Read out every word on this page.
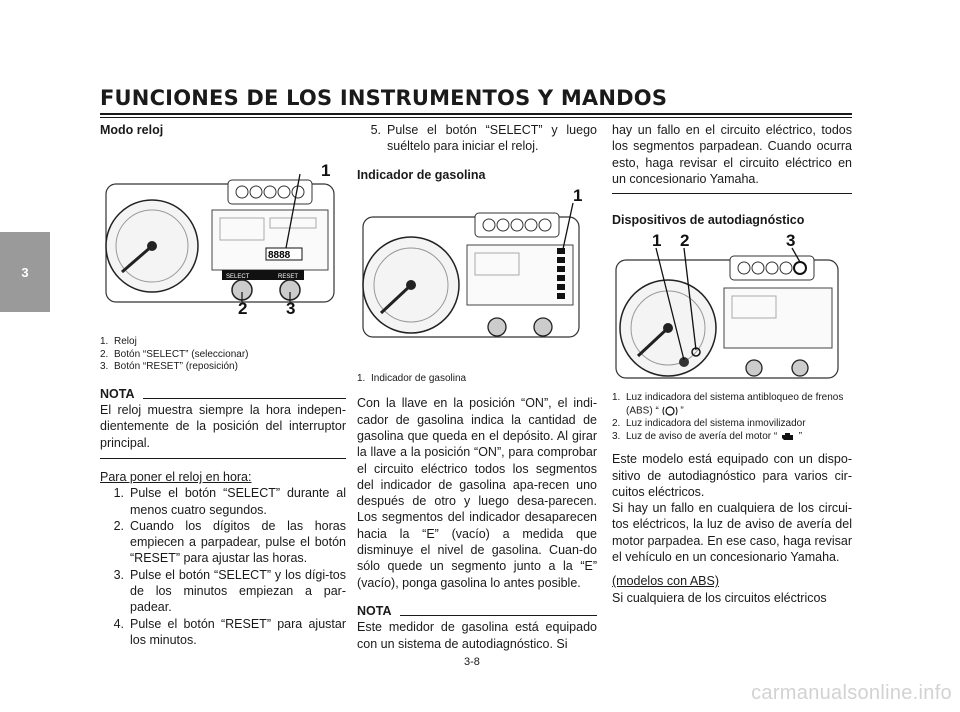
FUNCIONES DE LOS INSTRUMENTOS Y MANDOS
3
Modo reloj
8888
SELECT	RESET
1
2 3
1. Reloj
2. Botón “SELECT” (seleccionar)
3. Botón “RESET” (reposición)
NOTA

El reloj muestra siempre la hora indepen-dientemente de la posición del interruptor principal.

Para poner el reloj en hora:

1. Pulse el botón “SELECT” durante al menos cuatro segundos.
2. Cuando los dígitos de las horas empiecen a parpadear, pulse el botón “RESET” para ajustar las horas.
3. Pulse el botón “SELECT” y los dígi-tos de los minutos empiezan a par-padear.
4. Pulse el botón “RESET” para ajustar los minutos.
5. Pulse el botón “SELECT” y luego suéltelo para iniciar el reloj.
Indicador de gasolina
1
1. Indicador de gasolina

Con la llave en la posición “ON”, el indi-cador de gasolina indica la cantidad de gasolina que queda en el depósito. Al girar la llave a la posición “ON”, para comprobar el circuito eléctrico todos los segmentos del indicador de gasolina apa-recen uno después de otro y luego desa-parecen. Los segmentos del indicador desaparecen hacia la “E” (vacío) a medida que disminuye el nivel de gasolina. Cuan-do sólo quede un segmento junto a la “E” (vacío), ponga gasolina lo antes posible.

NOTA

Este medidor de gasolina está equipado con un sistema de autodiagnóstico. Si

hay un fallo en el circuito eléctrico, todos los segmentos parpadean. Cuando ocurra esto, haga revisar el circuito eléctrico en un concesionario Yamaha.

Dispositivos de autodiagnóstico
1 2	3
1. Luz indicadora del sistema antibloqueo de frenos (ABS) “ ”
2. Luz indicadora del sistema inmovilizador
3. Luz de aviso de avería del motor “ ”

Este modelo está equipado con un dispo-sitivo de autodiagnóstico para varios cir-cuitos eléctricos.

Si hay un fallo en cualquiera de los circui-tos eléctricos, la luz de aviso de avería del motor parpadea. En ese caso, haga revisar el vehículo en un concesionario Yamaha.

(modelos con ABS)

Si cualquiera de los circuitos eléctricos

3-8
carmanualsonline.info
